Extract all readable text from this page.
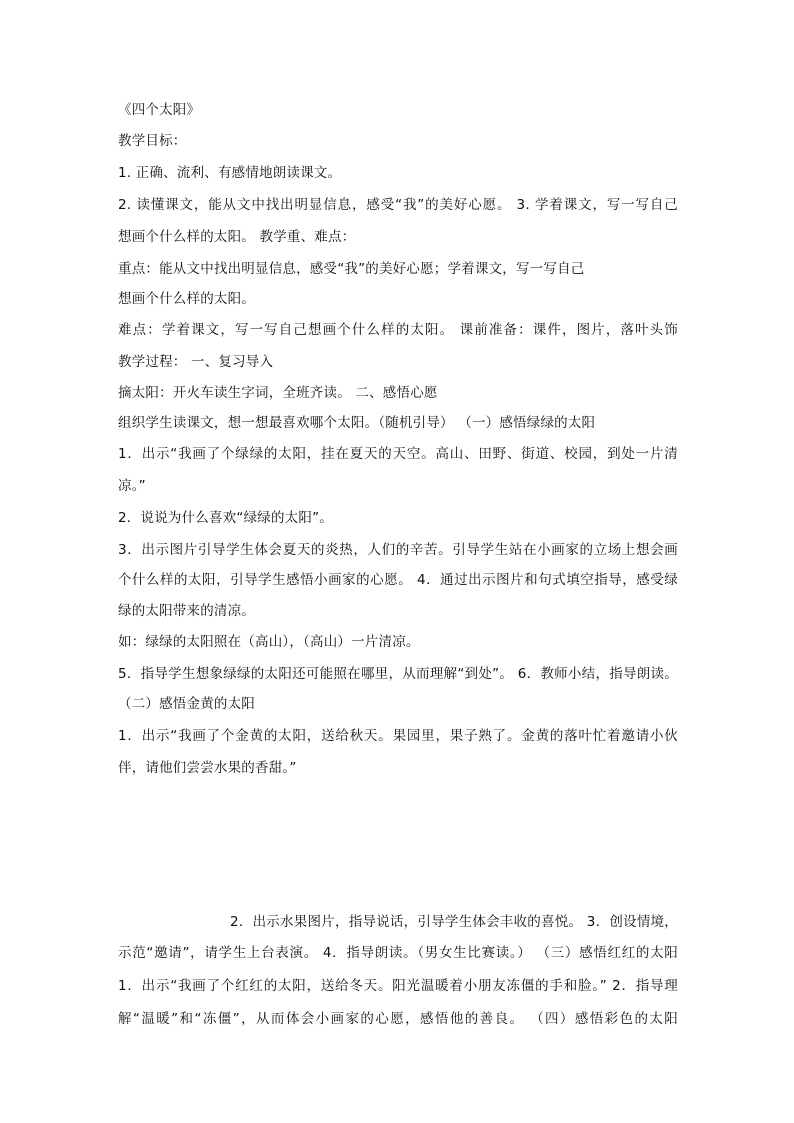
《四个太阳》
教学目标：
1. 正确、流利、有感情地朗读课文。
2. 读懂课文，能从文中找出明显信息，感受“我”的美好心愿。 3. 学着课文，写一写自己
想画个什么样的太阳。 教学重、难点：
重点：能从文中找出明显信息，感受“我”的美好心愿；学着课文，写一写自己
想画个什么样的太阳。
难点：学着课文，写一写自己想画个什么样的太阳。 课前准备：课件，图片，落叶头饰
教学过程： 一、复习导入
摘太阳：开火车读生字词，全班齐读。 二、感悟心愿
组织学生读课文，想一想最喜欢哪个太阳。（随机引导） （一）感悟绿绿的太阳
1．出示“我画了个绿绿的太阳，挂在夏天的天空。高山、田野、街道、校园，到处一片清
凉。”
2．说说为什么喜欢“绿绿的太阳”。
3．出示图片引导学生体会夏天的炎热，人们的辛苦。引导学生站在小画家的立场上想会画
个什么样的太阳，引导学生感悟小画家的心愿。 4．通过出示图片和句式填空指导，感受绿
绿的太阳带来的清凉。
如：绿绿的太阳照在（高山），（高山）一片清凉。
5．指导学生想象绿绿的太阳还可能照在哪里，从而理解“到处”。 6．教师小结，指导朗读。
（二）感悟金黄的太阳
1．出示“我画了个金黄的太阳，送给秋天。果园里，果子熟了。金黄的落叶忙着邀请小伙
伴，请他们尝尝水果的香甜。”
2．出示水果图片，指导说话，引导学生体会丰收的喜悦。 3．创设情境，
示范“邀请”，请学生上台表演。 4．指导朗读。（男女生比赛读。） （三）感悟红红的太阳
1．出示“我画了个红红的太阳，送给冬天。阳光温暖着小朋友冻僵的手和脸。” 2．指导理
解“温暖”和“冻僵”，从而体会小画家的心愿，感悟他的善良。 （四）感悟彩色的太阳
